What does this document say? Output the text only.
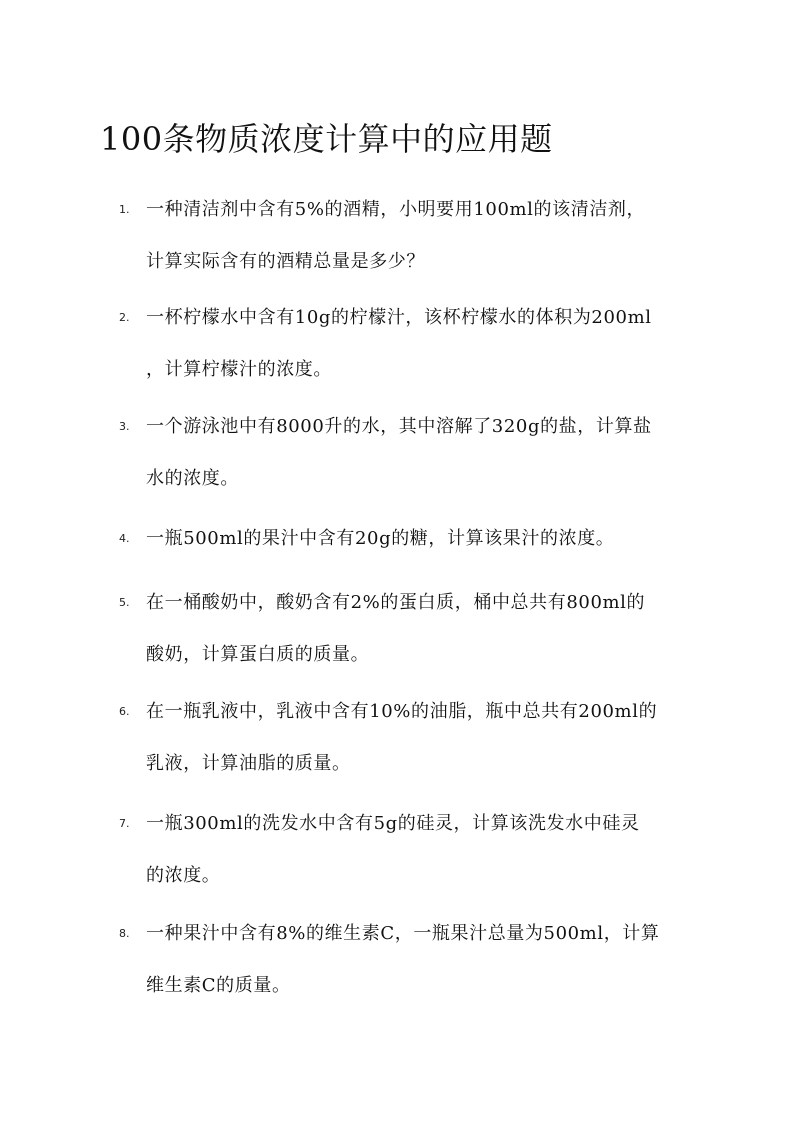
100条物质浓度计算中的应用题
1. 一种清洁剂中含有5%的酒精，小明要用100ml的该清洁剂，
计算实际含有的酒精总量是多少？
2. 一杯柠檬水中含有10g的柠檬汁，该杯柠檬水的体积为200ml
，计算柠檬汁的浓度。
3. 一个游泳池中有8000升的水，其中溶解了320g的盐，计算盐
水的浓度。
4. 一瓶500ml的果汁中含有20g的糖，计算该果汁的浓度。
5. 在一桶酸奶中，酸奶含有2%的蛋白质，桶中总共有800ml的
酸奶，计算蛋白质的质量。
6. 在一瓶乳液中，乳液中含有10%的油脂，瓶中总共有200ml的
乳液，计算油脂的质量。
7. 一瓶300ml的洗发水中含有5g的硅灵，计算该洗发水中硅灵
的浓度。
8. 一种果汁中含有8%的维生素C，一瓶果汁总量为500ml，计算
维生素C的质量。
